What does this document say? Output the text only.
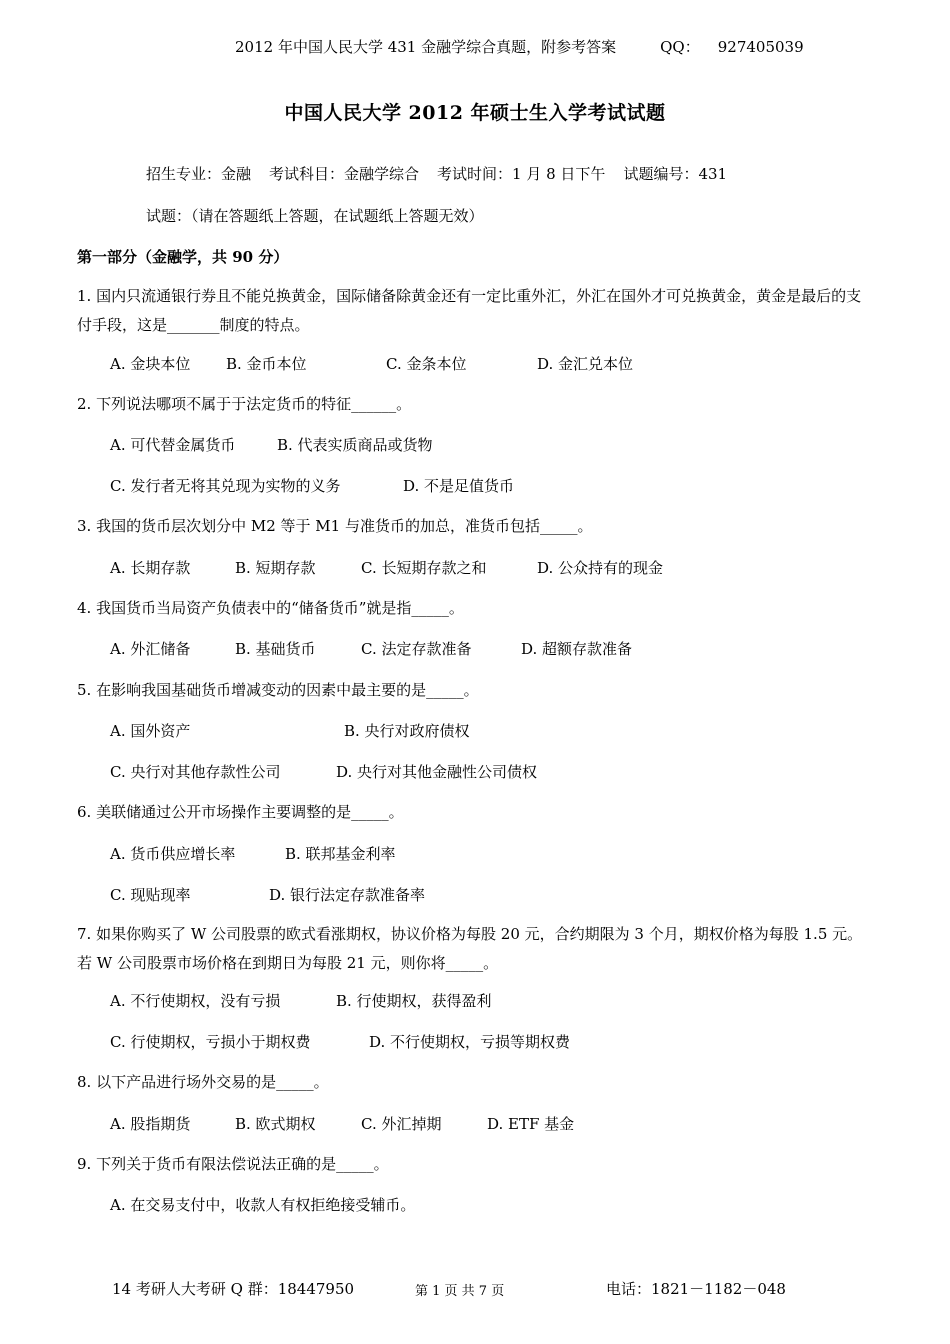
2012 年中国人民大学 431 金融学综合真题，附参考答案	QQ： 927405039
中国人民大学 2012 年硕士生入学考试试题
招生专业：金融 考试科目：金融学综合 考试时间：1 月 8 日下午 试题编号：431
试题：（请在答题纸上答题，在试题纸上答题无效）
第一部分（金融学，共 90 分）
1. 国内只流通银行券且不能兑换黄金，国际储备除黄金还有一定比重外汇，外汇在国外才可兑换黄金，黄金是最后的支付手段，这是_______制度的特点。
A. 金块本位 B. 金币本位	C. 金条本位	D. 金汇兑本位
2. 下列说法哪项不属于于法定货币的特征______。
A. 可代替金属货币	B. 代表实质商品或货物
C. 发行者无将其兑现为实物的义务	D. 不是足值货币
3. 我国的货币层次划分中 M2 等于 M1 与准货币的加总，准货币包括_____。
A. 长期存款	B. 短期存款	C. 长短期存款之和	D. 公众持有的现金
4. 我国货币当局资产负债表中的“储备货币”就是指_____。
A. 外汇储备	B. 基础货币	C. 法定存款准备	D. 超额存款准备
5. 在影响我国基础货币增减变动的因素中最主要的是_____。
A. 国外资产	B. 央行对政府债权
C. 央行对其他存款性公司	D. 央行对其他金融性公司债权
6. 美联储通过公开市场操作主要调整的是_____。
A. 货币供应增长率	B. 联邦基金利率
C. 现贴现率	D. 银行法定存款准备率
7. 如果你购买了 W 公司股票的欧式看涨期权，协议价格为每股 20 元，合约期限为 3 个月，期权价格为每股 1.5 元。若 W 公司股票市场价格在到期日为每股 21 元，则你将_____。
A. 不行使期权，没有亏损	B. 行使期权，获得盈利
C. 行使期权，亏损小于期权费	D. 不行使期权，亏损等期权费
8. 以下产品进行场外交易的是_____。
A. 股指期货	B. 欧式期权	C. 外汇掉期	D. ETF 基金
9. 下列关于货币有限法偿说法正确的是_____。
A. 在交易支付中，收款人有权拒绝接受辅币。
14 考研人大考研 Q 群：18447950	第 1 页 共 7 页	电话：1821－1182－048
